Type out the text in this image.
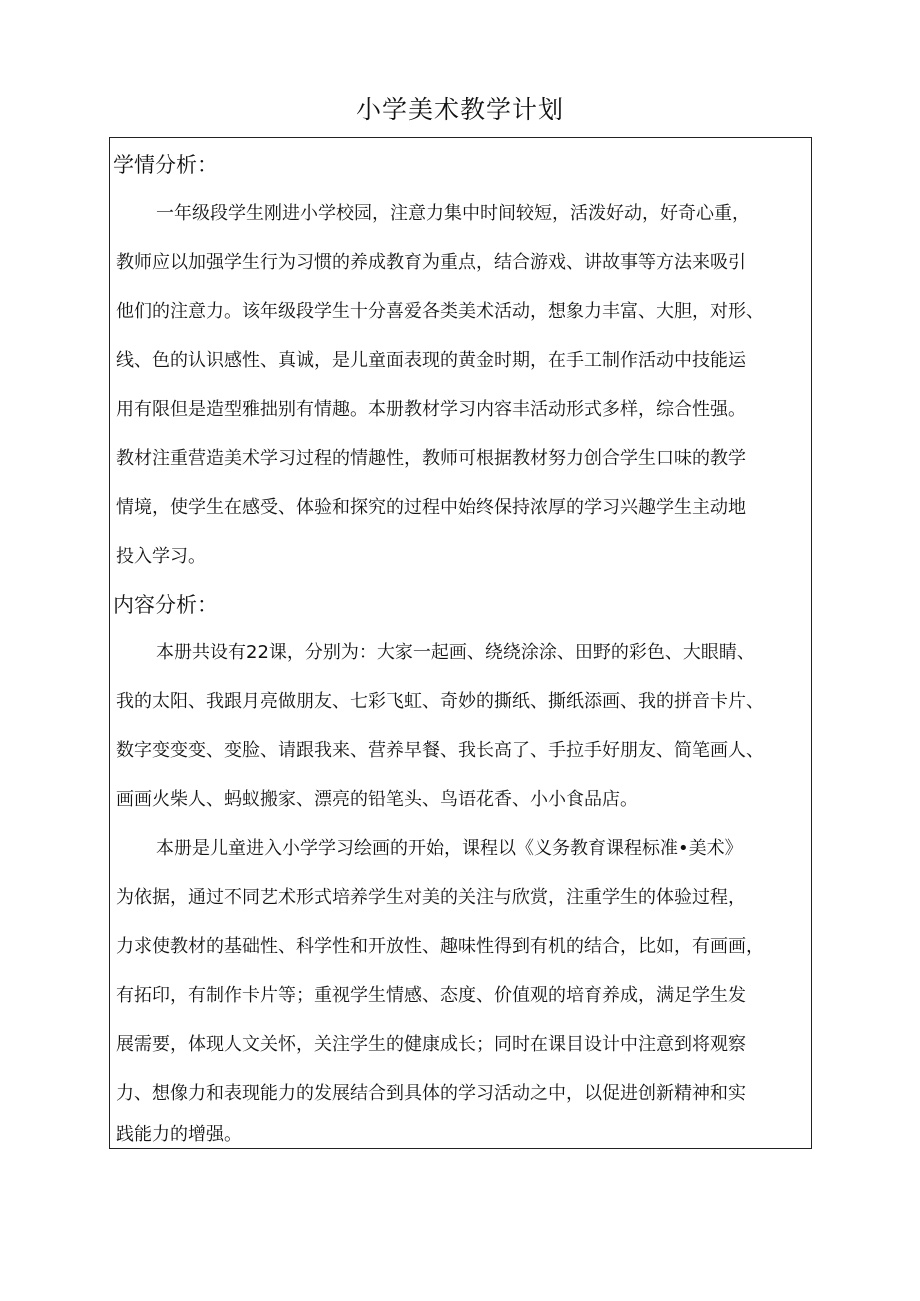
小学美术教学计划
学情分析：
一年级段学生刚进小学校园，注意力集中时间较短，活泼好动，好奇心重，
教师应以加强学生行为习惯的养成教育为重点，结合游戏、讲故事等方法来吸引
他们的注意力。该年级段学生十分喜爱各类美术活动，想象力丰富、大胆，对形、
线、色的认识感性、真诚，是儿童面表现的黄金时期，在手工制作活动中技能运
用有限但是造型雅拙别有情趣。本册教材学习内容丰活动形式多样，综合性强。
教材注重营造美术学习过程的情趣性，教师可根据教材努力创合学生口味的教学
情境，使学生在感受、体验和探究的过程中始终保持浓厚的学习兴趣学生主动地
投入学习。
内容分析：
本册共设有22课，分别为：大家一起画、绕绕涂涂、田野的彩色、大眼睛、
我的太阳、我跟月亮做朋友、七彩飞虹、奇妙的撕纸、撕纸添画、我的拼音卡片、
数字变变变、变脸、请跟我来、营养早餐、我长高了、手拉手好朋友、简笔画人、
画画火柴人、蚂蚁搬家、漂亮的铅笔头、鸟语花香、小小食品店。
本册是儿童进入小学学习绘画的开始，课程以《义务教育课程标准•美术》
为依据，通过不同艺术形式培养学生对美的关注与欣赏，注重学生的体验过程，
力求使教材的基础性、科学性和开放性、趣味性得到有机的结合，比如，有画画，
有拓印，有制作卡片等；重视学生情感、态度、价值观的培育养成，满足学生发
展需要，体现人文关怀，关注学生的健康成长；同时在课目设计中注意到将观察
力、想像力和表现能力的发展结合到具体的学习活动之中，以促进创新精神和实
践能力的增强。
